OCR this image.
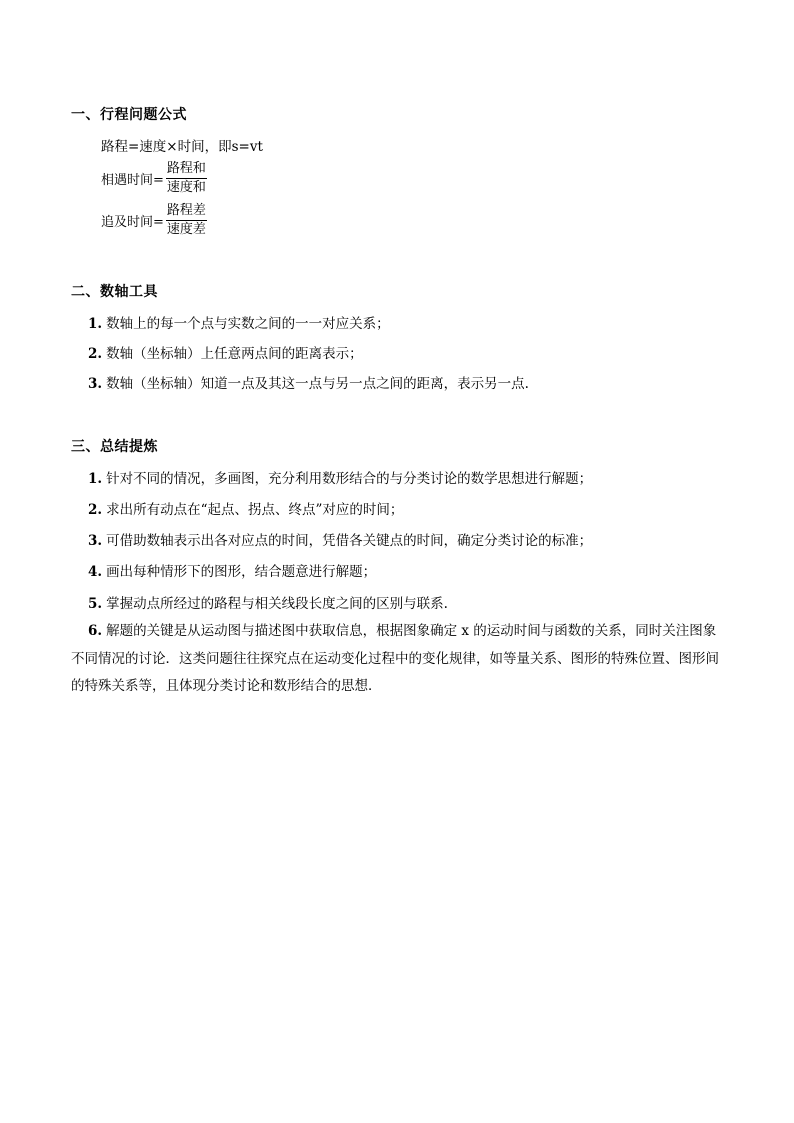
一、行程问题公式
路程=速度×时间，即s=vt
相遇时间= $\frac{\text{路程和}}{\text{速度和}}$
追及时间= $\frac{\text{路程差}}{\text{速度差}}$
二、数轴工具
1. 数轴上的每一个点与实数之间的一一对应关系；
2. 数轴（坐标轴）上任意两点间的距离表示；
3. 数轴（坐标轴）知道一点及其这一点与另一点之间的距离，表示另一点.
三、总结提炼
1. 针对不同的情况，多画图，充分利用数形结合的与分类讨论的数学思想进行解题；
2. 求出所有动点在“起点、拐点、终点”对应的时间；
3. 可借助数轴表示出各对应点的时间，凭借各关键点的时间，确定分类讨论的标准；
4. 画出每种情形下的图形，结合题意进行解题；
5. 掌握动点所经过的路程与相关线段长度之间的区别与联系.
6. 解题的关键是从运动图与描述图中获取信息，根据图象确定 x 的运动时间与函数的关系，同时关注图象不同情况的讨论．这类问题往往探究点在运动变化过程中的变化规律，如等量关系、图形的特殊位置、图形间的特殊关系等，且体现分类讨论和数形结合的思想．
